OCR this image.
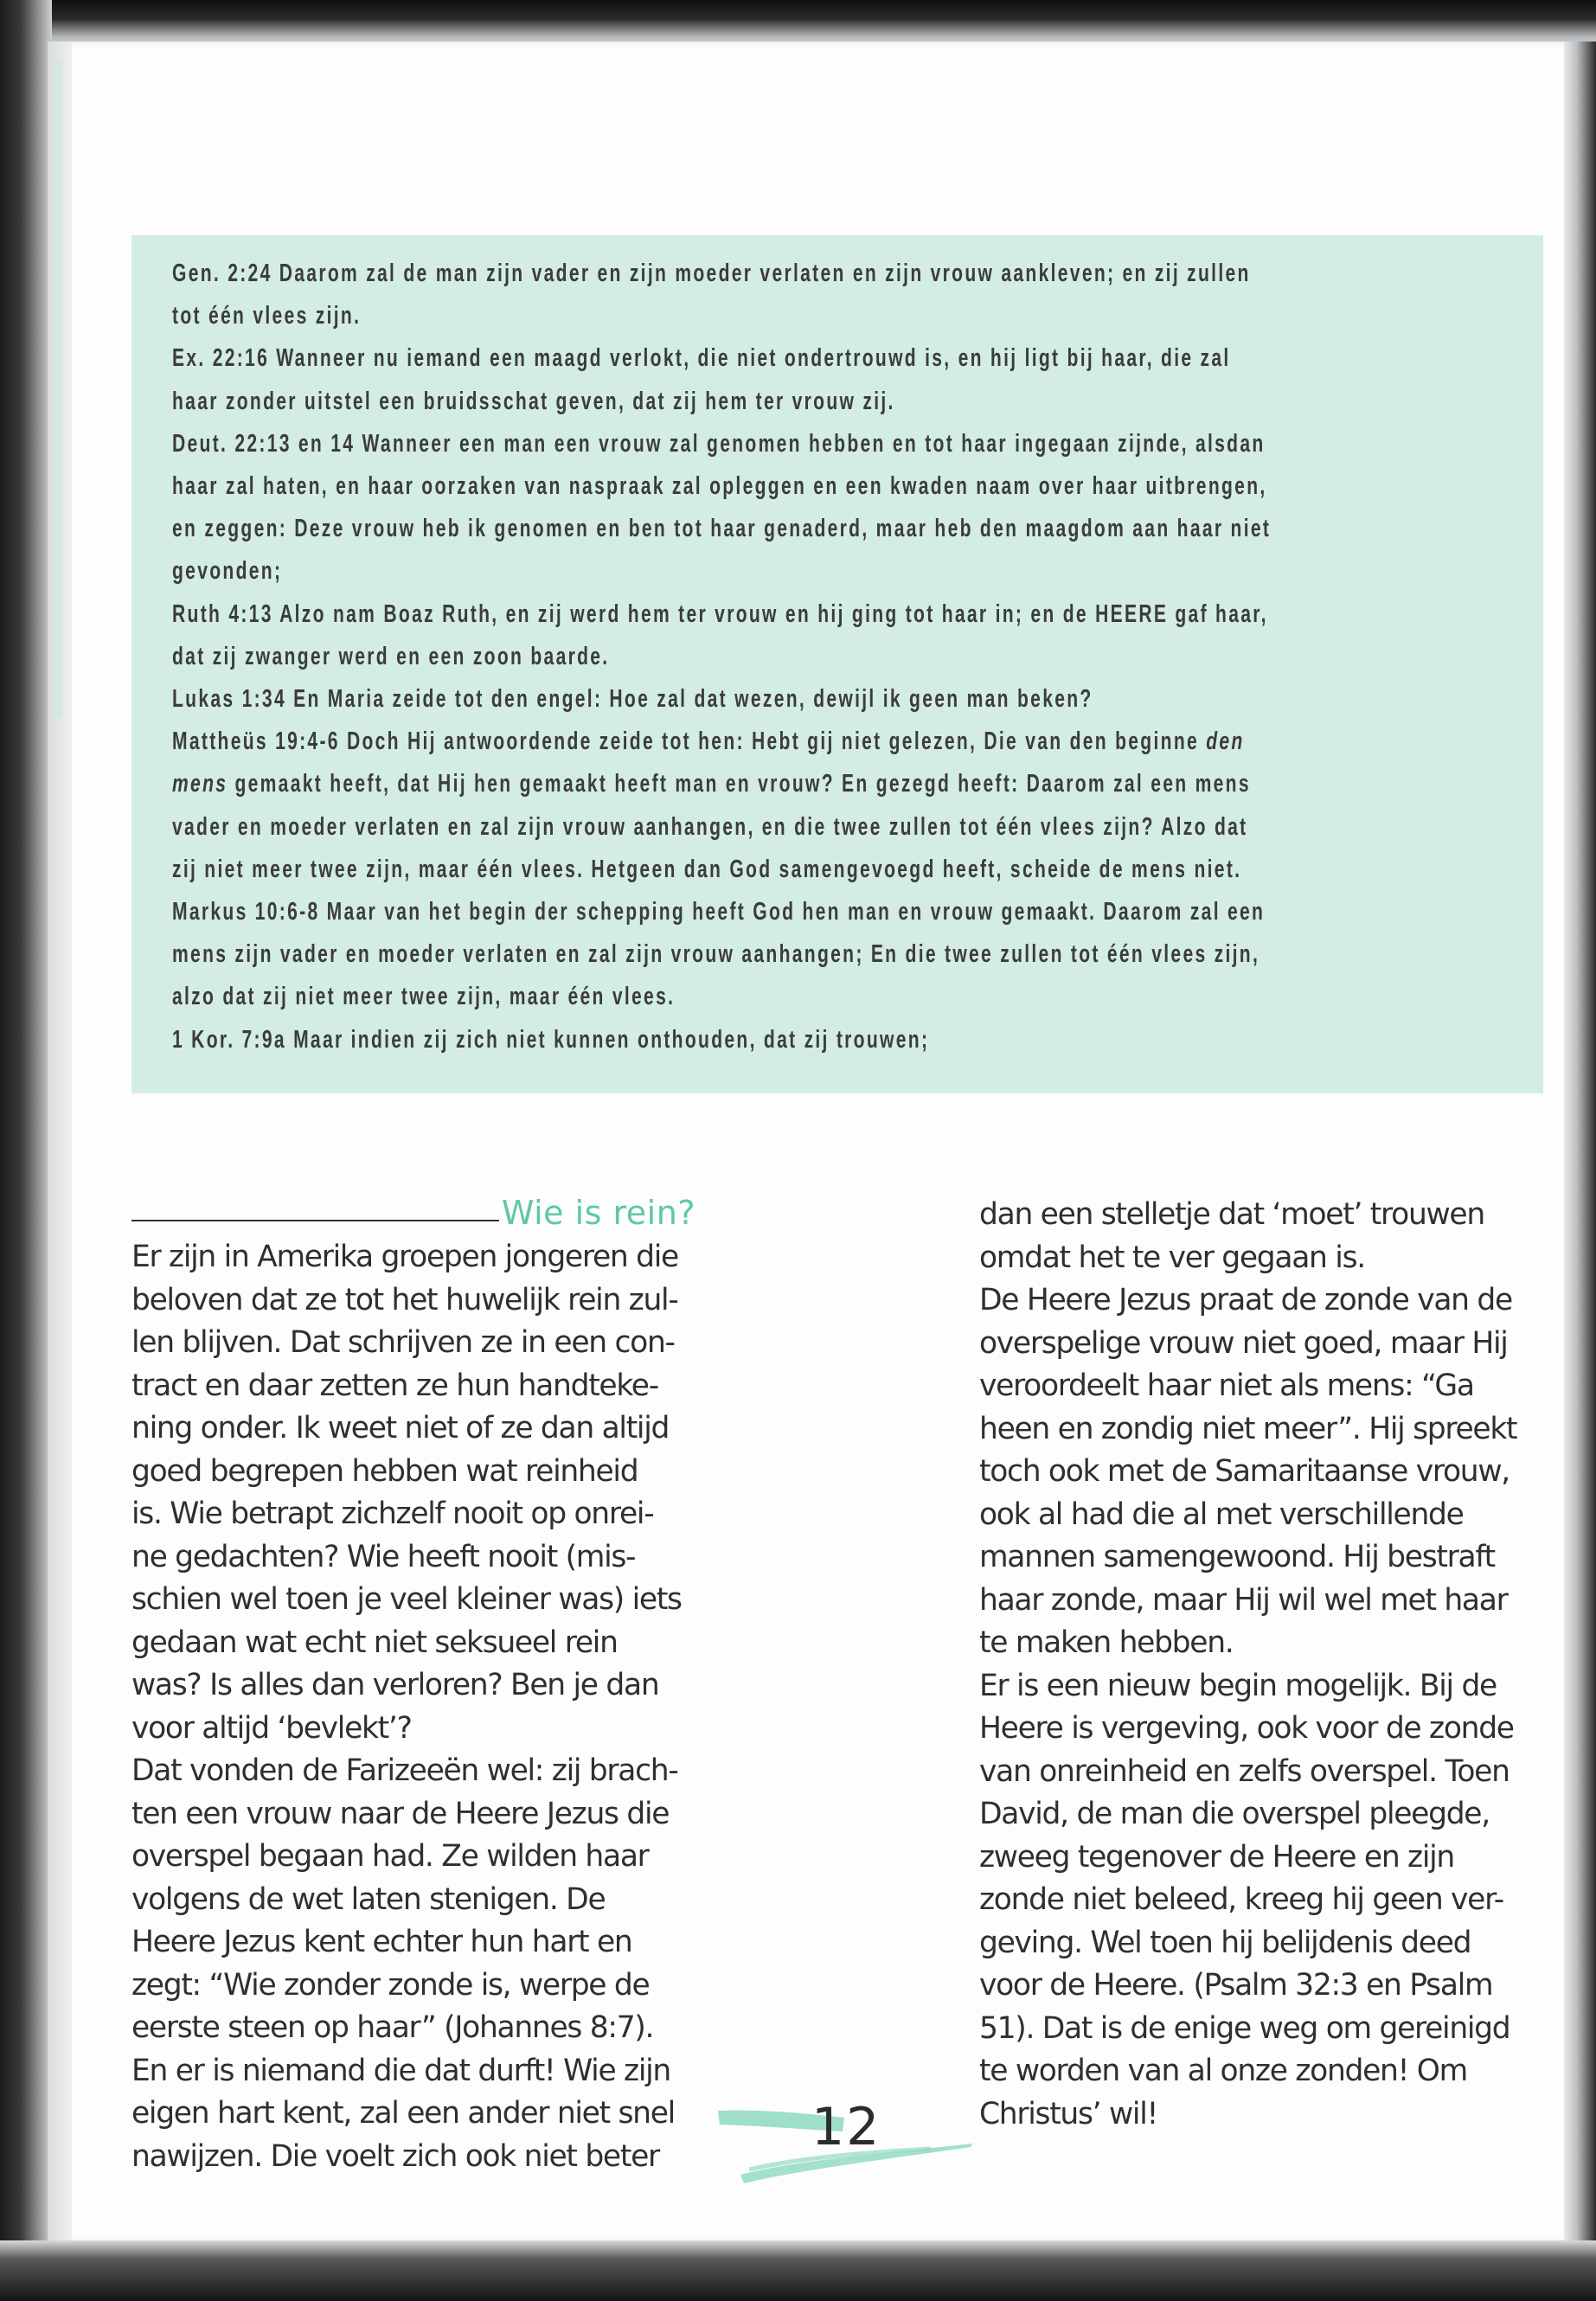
Gen. 2:24 Daarom zal de man zijn vader en zijn moeder verlaten en zijn vrouw aankleven; en zij zullen

tot één vlees zijn.

Ex. 22:16 Wanneer nu iemand een maagd verlokt, die niet ondertrouwd is, en hij ligt bij haar, die zal

haar zonder uitstel een bruidsschat geven, dat zij hem ter vrouw zij.

Deut. 22:13 en 14 Wanneer een man een vrouw zal genomen hebben en tot haar ingegaan zijnde, alsdan

haar zal haten, en haar oorzaken van naspraak zal opleggen en een kwaden naam over haar uitbrengen,

en zeggen: Deze vrouw heb ik genomen en ben tot haar genaderd, maar heb den maagdom aan haar niet

gevonden;

Ruth 4:13 Alzo nam Boaz Ruth, en zij werd hem ter vrouw en hij ging tot haar in; en de HEERE gaf haar,

dat zij zwanger werd en een zoon baarde.

Lukas 1:34 En Maria zeide tot den engel: Hoe zal dat wezen, dewijl ik geen man beken?

Mattheüs 19:4-6 Doch Hij antwoordende zeide tot hen: Hebt gij niet gelezen, Die van den beginne den

mens gemaakt heeft, dat Hij hen gemaakt heeft man en vrouw? En gezegd heeft: Daarom zal een mens

vader en moeder verlaten en zal zijn vrouw aanhangen, en die twee zullen tot één vlees zijn? Alzo dat

zij niet meer twee zijn, maar één vlees. Hetgeen dan God samengevoegd heeft, scheide de mens niet.

Markus 10:6-8 Maar van het begin der schepping heeft God hen man en vrouw gemaakt. Daarom zal een

mens zijn vader en moeder verlaten en zal zijn vrouw aanhangen; En die twee zullen tot één vlees zijn,

alzo dat zij niet meer twee zijn, maar één vlees.

1 Kor. 7:9a Maar indien zij zich niet kunnen onthouden, dat zij trouwen;

Wie is rein?

Er zijn in Amerika groepen jongeren die

beloven dat ze tot het huwelijk rein zul-

len blijven. Dat schrijven ze in een con-

tract en daar zetten ze hun handteke-

ning onder. Ik weet niet of ze dan altijd

goed begrepen hebben wat reinheid

is. Wie betrapt zichzelf nooit op onrei-

ne gedachten? Wie heeft nooit (mis-

schien wel toen je veel kleiner was) iets

gedaan wat echt niet seksueel rein

was? Is alles dan verloren? Ben je dan

voor altijd ‘bevlekt’?

Dat vonden de Farizeeën wel: zij brach-

ten een vrouw naar de Heere Jezus die

overspel begaan had. Ze wilden haar

volgens de wet laten stenigen. De

Heere Jezus kent echter hun hart en

zegt: “Wie zonder zonde is, werpe de

eerste steen op haar” (Johannes 8:7).

En er is niemand die dat durft! Wie zijn

eigen hart kent, zal een ander niet snel

nawijzen. Die voelt zich ook niet beter

dan een stelletje dat ‘moet’ trouwen

omdat het te ver gegaan is.

De Heere Jezus praat de zonde van de

overspelige vrouw niet goed, maar Hij

veroordeelt haar niet als mens: “Ga

heen en zondig niet meer”. Hij spreekt

toch ook met de Samaritaanse vrouw,

ook al had die al met verschillende

mannen samengewoond. Hij bestraft

haar zonde, maar Hij wil wel met haar

te maken hebben.

Er is een nieuw begin mogelijk. Bij de

Heere is vergeving, ook voor de zonde

van onreinheid en zelfs overspel. Toen

David, de man die overspel pleegde,

zweeg tegenover de Heere en zijn

zonde niet beleed, kreeg hij geen ver-

geving. Wel toen hij belijdenis deed

voor de Heere. (Psalm 32:3 en Psalm

51). Dat is de enige weg om gereinigd

te worden van al onze zonden! Om

Christus’ wil!

12
